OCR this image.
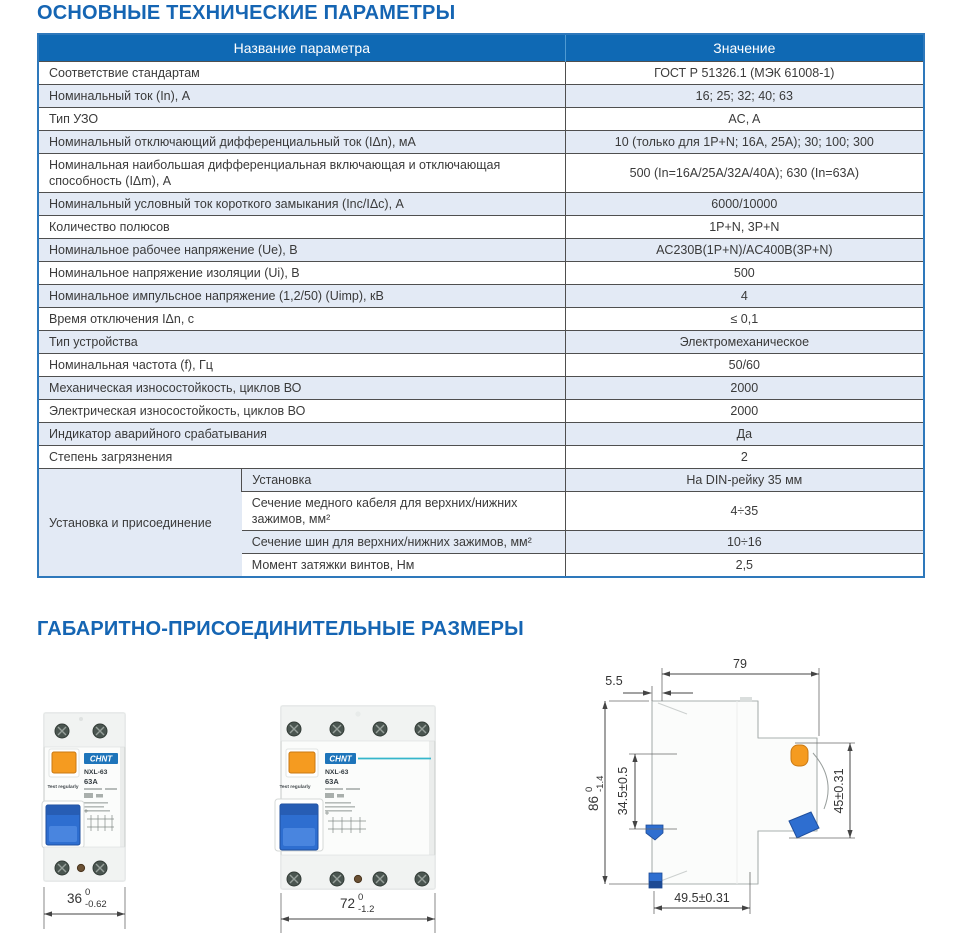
ОСНОВНЫЕ ТЕХНИЧЕСКИЕ ПАРАМЕТРЫ
Название параметра		Значение
Соответствие стандартам		ГОСТ Р 51326.1 (МЭК 61008-1)
Номинальный ток (In), А		16; 25; 32; 40; 63
Тип УЗО		AC, A
Номинальный отключающий дифференциальный ток (IΔn), мА		10 (только для 1P+N; 16А, 25А); 30; 100; 300
Номинальная наибольшая дифференциальная включающая и отключающая способность (IΔm), А		500 (In=16A/25A/32A/40A); 630 (In=63A)
Номинальный условный ток короткого замыкания (Inc/IΔc), А		6000/10000
Количество полюсов		1P+N, 3P+N
Номинальное рабочее напряжение (Ue), В		AC230В(1P+N)/AC400В(3P+N)
Номинальное напряжение изоляции (Ui), В		500
Номинальное импульсное напряжение (1,2/50) (Uimp), кВ		4
Время отключения IΔn, с		≤ 0,1
Тип устройства		Электромеханическое
Номинальная частота (f), Гц		50/60
Механическая износостойкость, циклов ВО		2000
Электрическая износостойкость, циклов ВО		2000
Индикатор аварийного срабатывания		Да
Степень загрязнения		2
Установка и присоединение	Установка	На DIN-рейку 35 мм
	Сечение медного кабеля для верхних/нижних зажимов, мм²	4÷35
	Сечение шин для верхних/нижних зажимов, мм²	10÷16
	Момент затяжки винтов, Нм	2,5
ГАБАРИТНО-ПРИСОЕДИНИТЕЛЬНЫЕ РАЗМЕРЫ
CHNT
NXL-63
63A
Test regularly
36 0
-0.62
CHNT
NXL-63
63A
Test regularly
72 0
-1.2
79
5.5
86
0 -1.4 34.5±0.5	45±0.31
49.5±0.31
